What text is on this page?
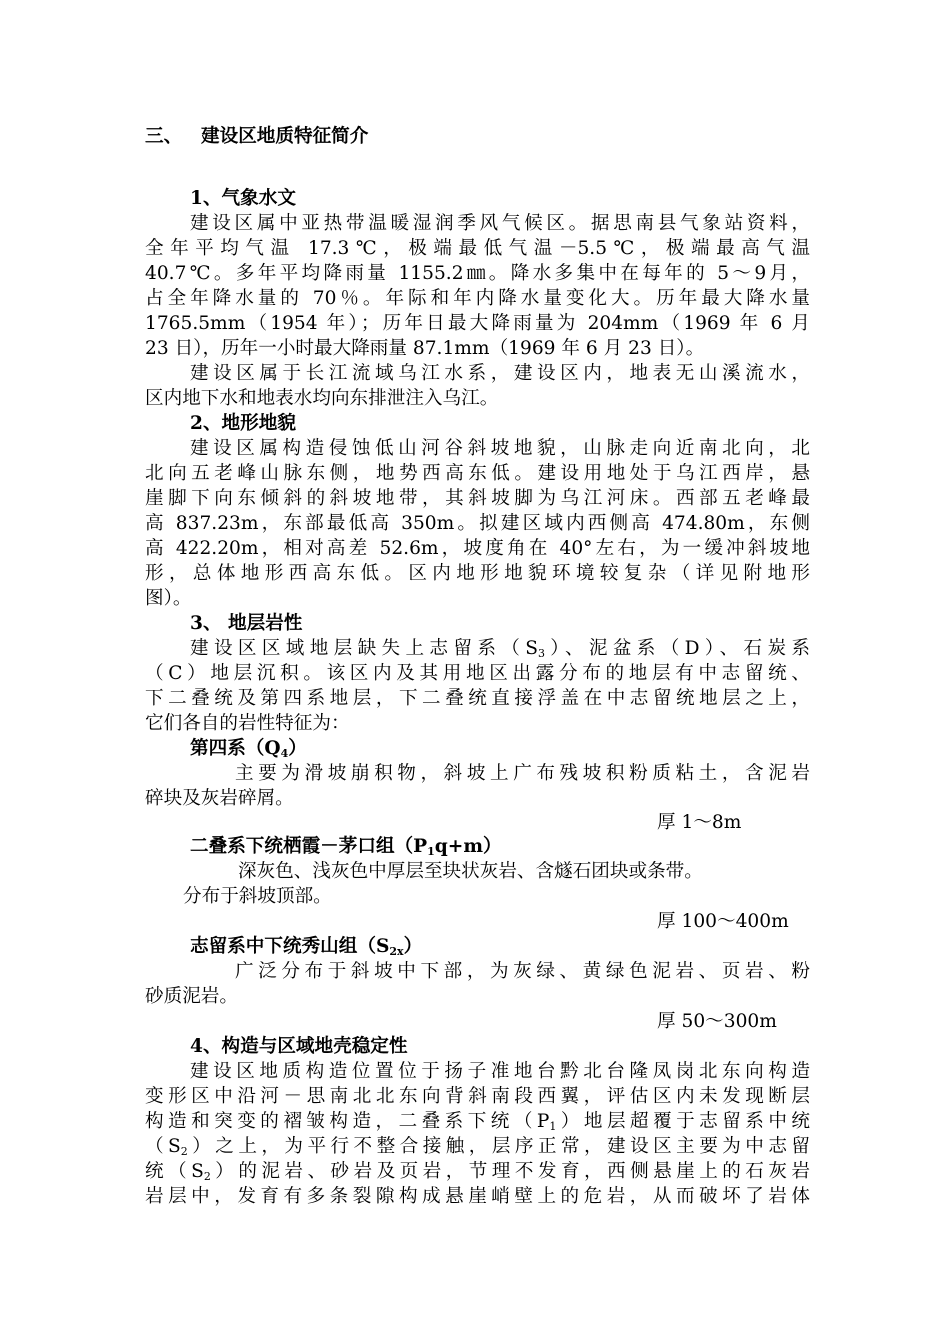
三、 建设区地质特征简介
1、气象水文
建设区属中亚热带温暖湿润季风气候区。据思南县气象站资料，
全年平均气温 17.3℃，极端最低气温－5.5℃，极端最高气温
40.7℃。多年平均降雨量 1155.2㎜。降水多集中在每年的 5～9月，
占全年降水量的 70％。年际和年内降水量变化大。历年最大降水量
1765.5mm（1954 年）；历年日最大降雨量为 204mm（1969 年 6 月
23 日），历年一小时最大降雨量 87.1mm（1969 年 6 月 23 日）。
建设区属于长江流域乌江水系，建设区内，地表无山溪流水，
区内地下水和地表水均向东排泄注入乌江。
2、地形地貌
建设区属构造侵蚀低山河谷斜坡地貌，山脉走向近南北向，北
北向五老峰山脉东侧，地势西高东低。建设用地处于乌江西岸，悬
崖脚下向东倾斜的斜坡地带，其斜坡脚为乌江河床。西部五老峰最
高 837.23m，东部最低高 350m。拟建区域内西侧高 474.80m，东侧
高 422.20m，相对高差 52.6m，坡度角在 40°左右，为一缓冲斜坡地
形，总体地形西高东低。区内地形地貌环境较复杂（详见附地形
图）。
3、 地层岩性
建设区区域地层缺失上志留系$(S_3)$、泥盆系（D）、石炭系
（C）地层沉积。该区内及其用地区出露分布的地层有中志留统、
下二叠统及第四系地层，下二叠统直接浮盖在中志留统地层之上，
它们各自的岩性特征为：
第四系$(Q_4)$
主要为滑坡崩积物，斜坡上广布残坡积粉质粘土，含泥岩
碎块及灰岩碎屑。
厚 1～8m
二叠系下统栖霞－茅口组$(P_1q+m)$
深灰色、浅灰色中厚层至块状灰岩、含燧石团块或条带。
分布于斜坡顶部。
厚 100～400m
志留系中下统秀山组$(S_{2x})$
广泛分布于斜坡中下部，为灰绿、黄绿色泥岩、页岩、粉
砂质泥岩。
厚 50～300m
4、构造与区域地壳稳定性
建设区地质构造位置位于扬子准地台黔北台隆凤岗北东向构造
变形区中沿河－思南北北东向背斜南段西翼，评估区内未发现断层
构造和突变的褶皱构造，二叠系下统$(P_1)$地层超覆于志留系中统
$(S_2)$之上，为平行不整合接触，层序正常，建设区主要为中志留
统$(S_2)$的泥岩、砂岩及页岩，节理不发育，西侧悬崖上的石灰岩
岩层中，发育有多条裂隙构成悬崖峭壁上的危岩，从而破坏了岩体
